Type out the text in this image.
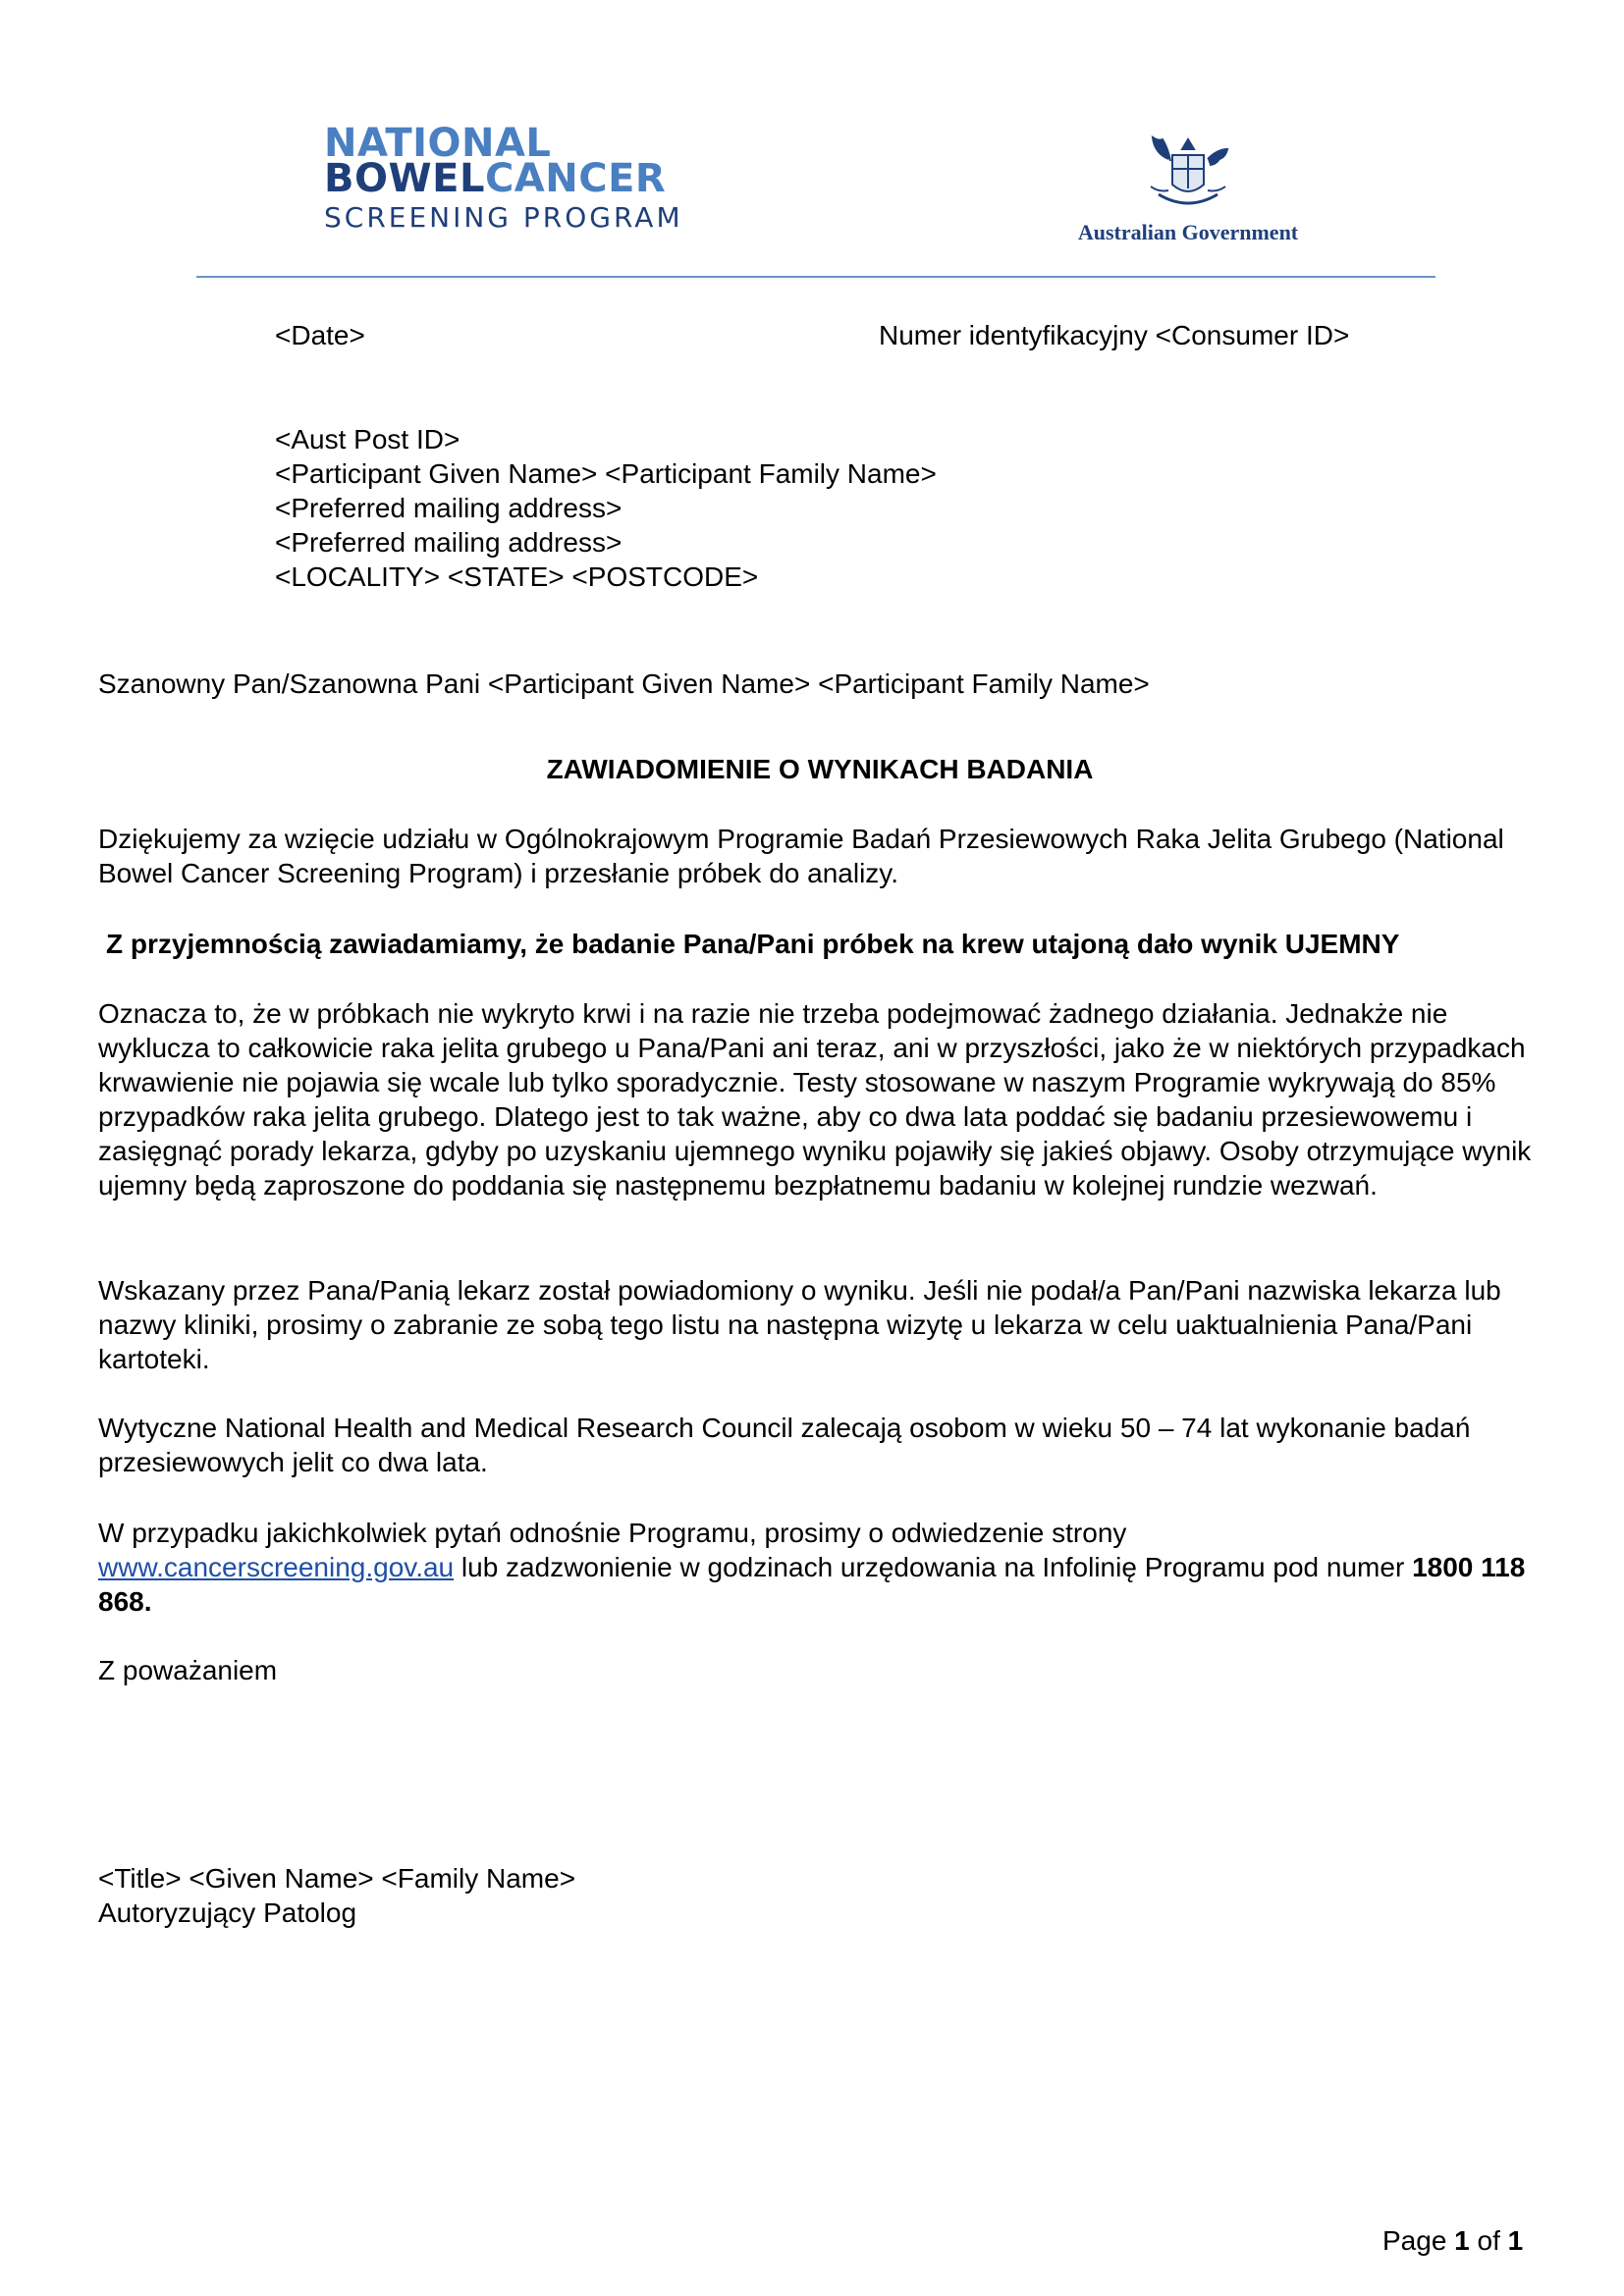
NATIONAL
BOWELCANCER
SCREENING PROGRAM	Australian Government
<Date>	Numer identyfikacyjny <Consumer ID>
<Aust Post ID>
<Participant Given Name> <Participant Family Name>
<Preferred mailing address>
<Preferred mailing address>
<LOCALITY> <STATE> <POSTCODE>
Szanowny Pan/Szanowna Pani <Participant Given Name> <Participant Family Name>
ZAWIADOMIENIE O WYNIKACH BADANIA

Dziękujemy za wzięcie udziału w Ogólnokrajowym Programie Badań Przesiewowych Raka Jelita Grubego (National Bowel Cancer Screening Program) i przesłanie próbek do analizy.

Z przyjemnością zawiadamiamy, że badanie Pana/Pani próbek na krew utajoną dało wynik UJEMNY

Oznacza to, że w próbkach nie wykryto krwi i na razie nie trzeba podejmować żadnego działania. Jednakże nie wyklucza to całkowicie raka jelita grubego u Pana/Pani ani teraz, ani w przyszłości, jako że w niektórych przypadkach krwawienie nie pojawia się wcale lub tylko sporadycznie. Testy stosowane w naszym Programie wykrywają do 85% przypadków raka jelita grubego. Dlatego jest to tak ważne, aby co dwa lata poddać się badaniu przesiewowemu i zasięgnąć porady lekarza, gdyby po uzyskaniu ujemnego wyniku pojawiły się jakieś objawy. Osoby otrzymujące wynik ujemny będą zaproszone do poddania się następnemu bezpłatnemu badaniu w kolejnej rundzie wezwań.

Wskazany przez Pana/Panią lekarz został powiadomiony o wyniku. Jeśli nie podał/a Pan/Pani nazwiska lekarza lub nazwy kliniki, prosimy o zabranie ze sobą tego listu na następna wizytę u lekarza w celu uaktualnienia Pana/Pani kartoteki.

Wytyczne National Health and Medical Research Council zalecają osobom w wieku 50 – 74 lat wykonanie badań przesiewowych jelit co dwa lata.

W przypadku jakichkolwiek pytań odnośnie Programu, prosimy o odwiedzenie strony
www.cancerscreening.gov.au lub zadzwonienie w godzinach urzędowania na Infolinię Programu pod numer 1800 118 868.

Z poważaniem
<Title> <Given Name> <Family Name>
Autoryzujący Patolog
Page 1 of 1
